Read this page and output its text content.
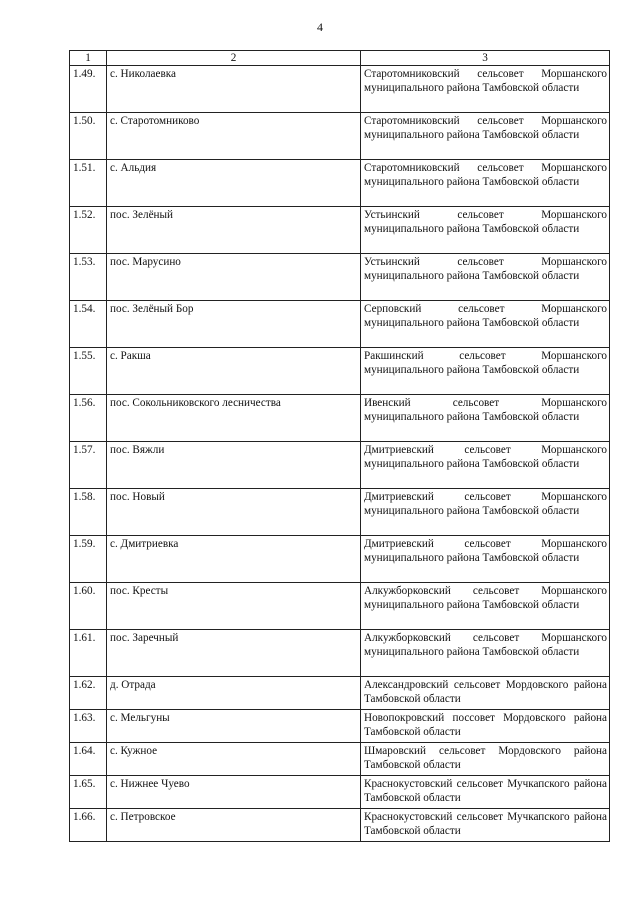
4
1	2	3
1.49.	с. Николаевка	Старотомниковский сельсовет Моршанского муниципального района Тамбовской области
1.50.	с. Старотомниково	Старотомниковский сельсовет Моршанского муниципального района Тамбовской области
1.51.	с. Альдия	Старотомниковский сельсовет Моршанского муниципального района Тамбовской области
1.52.	пос. Зелёный	Устьинский сельсовет Моршанского муниципального района Тамбовской области
1.53.	пос. Марусино	Устьинский сельсовет Моршанского муниципального района Тамбовской области
1.54.	пос. Зелёный Бор	Серповский сельсовет Моршанского муниципального района Тамбовской области
1.55.	с. Ракша	Ракшинский сельсовет Моршанского муниципального района Тамбовской области
1.56.	пос. Сокольниковского лесничества	Ивенский сельсовет Моршанского муниципального района Тамбовской области
1.57.	пос. Вяжли	Дмитриевский сельсовет Моршанского муниципального района Тамбовской области
1.58.	пос. Новый	Дмитриевский сельсовет Моршанского муниципального района Тамбовской области
1.59.	с. Дмитриевка	Дмитриевский сельсовет Моршанского муниципального района Тамбовской области
1.60.	пос. Кресты	Алкужборковский сельсовет Моршанского муниципального района Тамбовской области
1.61.	пос. Заречный	Алкужборковский сельсовет Моршанского муниципального района Тамбовской области
1.62.	д. Отрада	Александровский сельсовет Мордовского района Тамбовской области
1.63.	с. Мельгуны	Новопокровский поссовет Мордовского района Тамбовской области
1.64.	с. Кужное	Шмаровский сельсовет Мордовского района Тамбовской области
1.65.	с. Нижнее Чуево	Краснокустовский сельсовет Мучкапского района Тамбовской области
1.66.	с. Петровское	Краснокустовский сельсовет Мучкапского района Тамбовской области
